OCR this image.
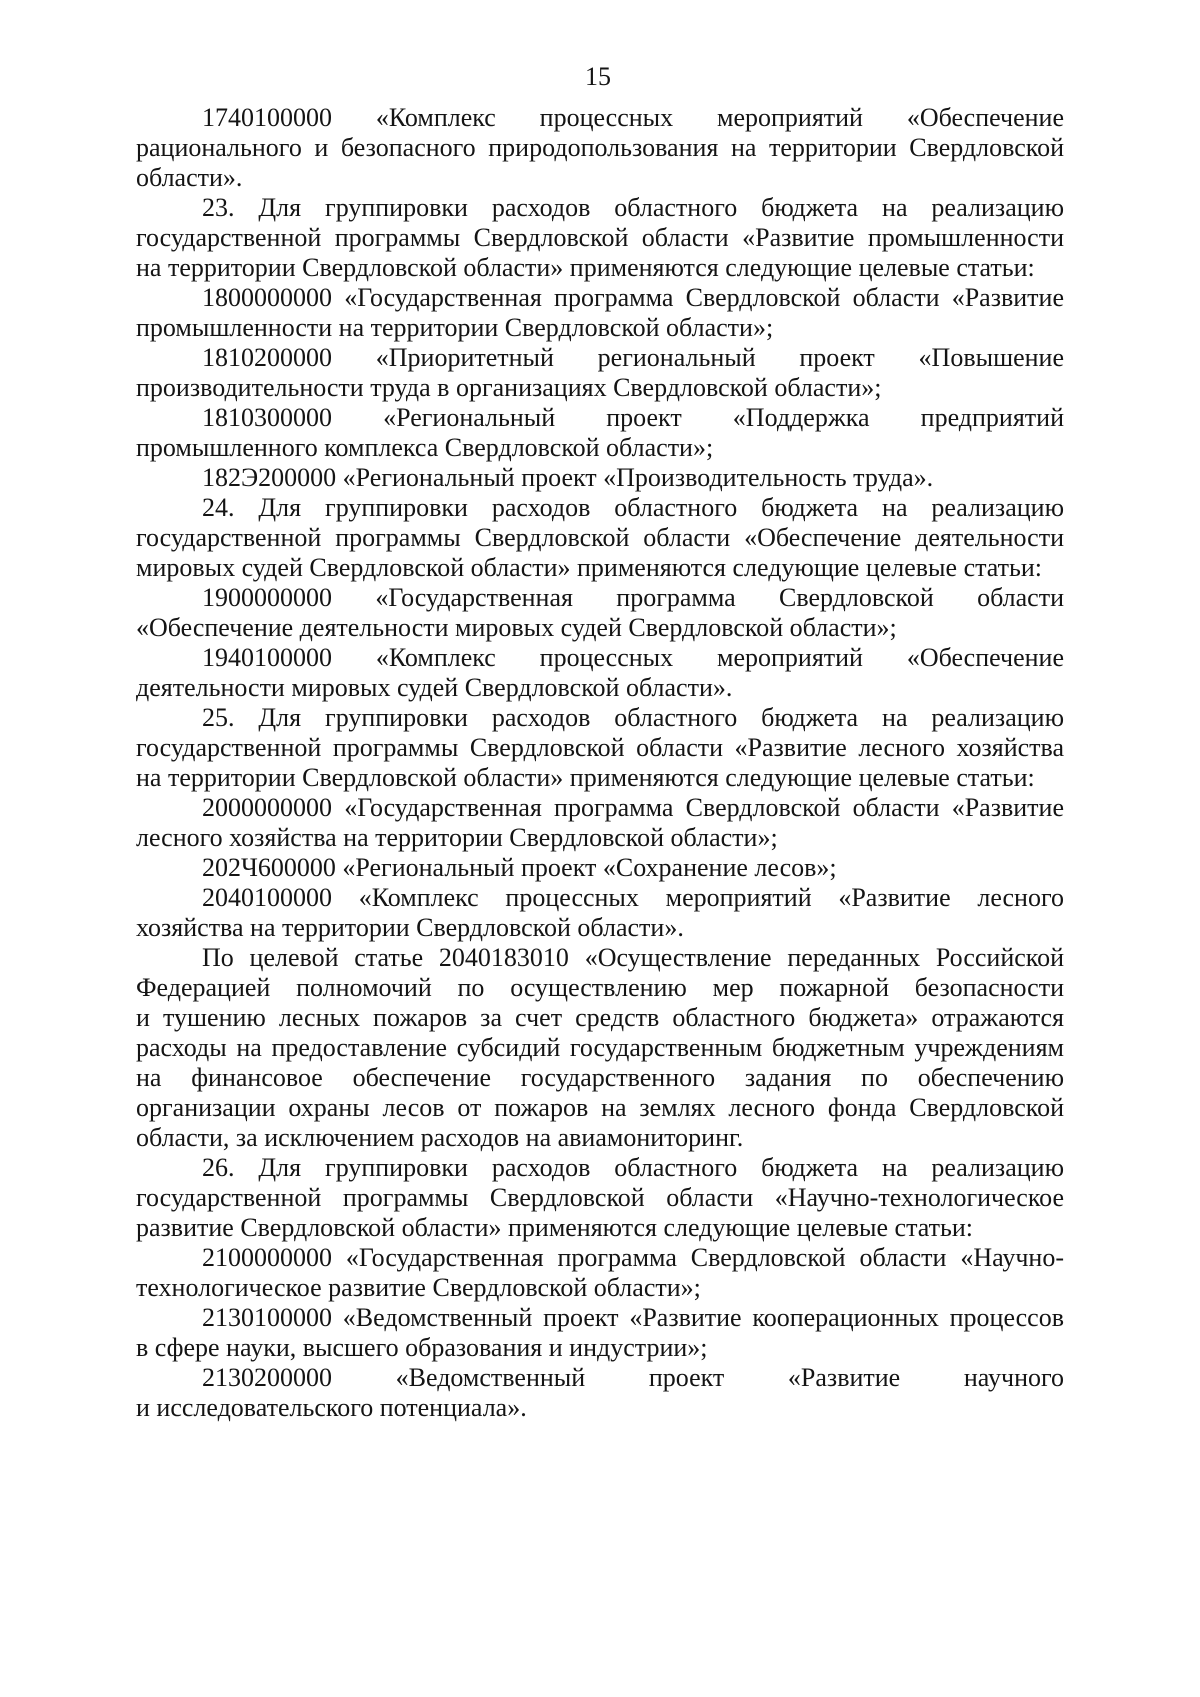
15
1740100000 «Комплекс процессных мероприятий «Обеспечение
рационального и безопасного природопользования на территории Свердловской
области».
23. Для группировки расходов областного бюджета на реализацию
государственной программы Свердловской области «Развитие промышленности
на территории Свердловской области» применяются следующие целевые статьи:
1800000000 «Государственная программа Свердловской области «Развитие
промышленности на территории Свердловской области»;
1810200000 «Приоритетный региональный проект «Повышение
производительности труда в организациях Свердловской области»;
1810300000 «Региональный проект «Поддержка предприятий
промышленного комплекса Свердловской области»;
182Э200000 «Региональный проект «Производительность труда».
24. Для группировки расходов областного бюджета на реализацию
государственной программы Свердловской области «Обеспечение деятельности
мировых судей Свердловской области» применяются следующие целевые статьи:
1900000000 «Государственная программа Свердловской области
«Обеспечение деятельности мировых судей Свердловской области»;
1940100000 «Комплекс процессных мероприятий «Обеспечение
деятельности мировых судей Свердловской области».
25. Для группировки расходов областного бюджета на реализацию
государственной программы Свердловской области «Развитие лесного хозяйства
на территории Свердловской области» применяются следующие целевые статьи:
2000000000 «Государственная программа Свердловской области «Развитие
лесного хозяйства на территории Свердловской области»;
202Ч600000 «Региональный проект «Сохранение лесов»;
2040100000 «Комплекс процессных мероприятий «Развитие лесного
хозяйства на территории Свердловской области».
По целевой статье 2040183010 «Осуществление переданных Российской
Федерацией полномочий по осуществлению мер пожарной безопасности
и тушению лесных пожаров за счет средств областного бюджета» отражаются
расходы на предоставление субсидий государственным бюджетным учреждениям
на финансовое обеспечение государственного задания по обеспечению
организации охраны лесов от пожаров на землях лесного фонда Свердловской
области, за исключением расходов на авиамониторинг.
26. Для группировки расходов областного бюджета на реализацию
государственной программы Свердловской области «Научно-технологическое
развитие Свердловской области» применяются следующие целевые статьи:
2100000000 «Государственная программа Свердловской области «Научно-
технологическое развитие Свердловской области»;
2130100000 «Ведомственный проект «Развитие кооперационных процессов
в сфере науки, высшего образования и индустрии»;
2130200000 «Ведомственный проект «Развитие научного
и исследовательского потенциала».
